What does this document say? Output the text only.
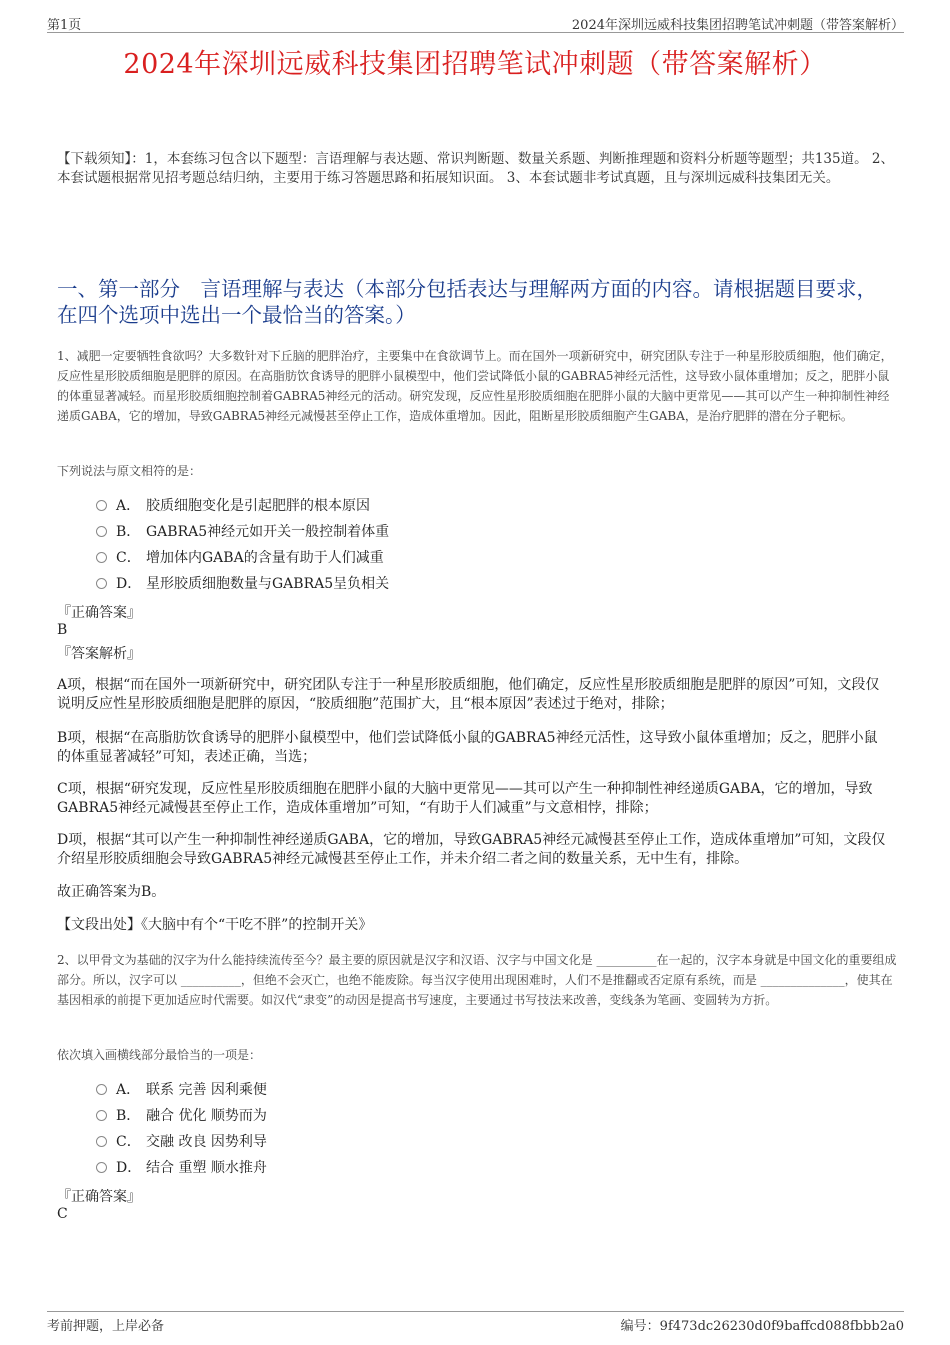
第1页	2024年深圳远威科技集团招聘笔试冲刺题（带答案解析）
2024年深圳远威科技集团招聘笔试冲刺题（带答案解析）
【下载须知】：1，本套练习包含以下题型：言语理解与表达题、常识判断题、数量关系题、判断推理题和资料分析题等题型；共135道。 2、本套试题根据常见招考题总结归纳，主要用于练习答题思路和拓展知识面。 3、本套试题非考试真题，且与深圳远威科技集团无关。
一、第一部分　言语理解与表达（本部分包括表达与理解两方面的内容。请根据题目要求，在四个选项中选出一个最恰当的答案。）
1、减肥一定要牺牲食欲吗？大多数针对下丘脑的肥胖治疗，主要集中在食欲调节上。而在国外一项新研究中，研究团队专注于一种星形胶质细胞，他们确定，反应性星形胶质细胞是肥胖的原因。在高脂肪饮食诱导的肥胖小鼠模型中，他们尝试降低小鼠的GABRA5神经元活性，这导致小鼠体重增加；反之，肥胖小鼠的体重显著减轻。而星形胶质细胞控制着GABRA5神经元的活动。研究发现，反应性星形胶质细胞在肥胖小鼠的大脑中更常见——其可以产生一种抑制性神经递质GABA，它的增加，导致GABRA5神经元减慢甚至停止工作，造成体重增加。因此，阻断星形胶质细胞产生GABA，是治疗肥胖的潜在分子靶标。
下列说法与原文相符的是：
A． 胶质细胞变化是引起肥胖的根本原因
B． GABRA5神经元如开关一般控制着体重
C． 增加体内GABA的含量有助于人们减重
D． 星形胶质细胞数量与GABRA5呈负相关
『正确答案』
B
『答案解析』
A项，根据“而在国外一项新研究中，研究团队专注于一种星形胶质细胞，他们确定，反应性星形胶质细胞是肥胖的原因”可知，文段仅说明反应性星形胶质细胞是肥胖的原因，“胶质细胞”范围扩大，且“根本原因”表述过于绝对，排除；
B项，根据“在高脂肪饮食诱导的肥胖小鼠模型中，他们尝试降低小鼠的GABRA5神经元活性，这导致小鼠体重增加；反之，肥胖小鼠的体重显著减轻”可知，表述正确，当选；
C项，根据“研究发现，反应性星形胶质细胞在肥胖小鼠的大脑中更常见——其可以产生一种抑制性神经递质GABA，它的增加，导致GABRA5神经元减慢甚至停止工作，造成体重增加”可知，“有助于人们减重”与文意相悖，排除；
D项，根据“其可以产生一种抑制性神经递质GABA，它的增加，导致GABRA5神经元减慢甚至停止工作，造成体重增加”可知，文段仅介绍星形胶质细胞会导致GABRA5神经元减慢甚至停止工作，并未介绍二者之间的数量关系，无中生有，排除。
故正确答案为B。
【文段出处】《大脑中有个“干吃不胖”的控制开关》
2、以甲骨文为基础的汉字为什么能持续流传至今？最主要的原因就是汉字和汉语、汉字与中国文化是 __________在一起的，汉字本身就是中国文化的重要组成部分。所以，汉字可以 __________，但绝不会灭亡，也绝不能废除。每当汉字使用出现困难时，人们不是推翻或否定原有系统，而是 ______________，使其在基因相承的前提下更加适应时代需要。如汉代“隶变”的动因是提高书写速度，主要通过书写技法来改善，变线条为笔画、变圆转为方折。
依次填入画横线部分最恰当的一项是：
A． 联系 完善 因利乘便
B． 融合 优化 顺势而为
C． 交融 改良 因势利导
D． 结合 重塑 顺水推舟
『正确答案』
C
考前押题，上岸必备	编号：9f473dc26230d0f9baffcd088fbbb2a0
